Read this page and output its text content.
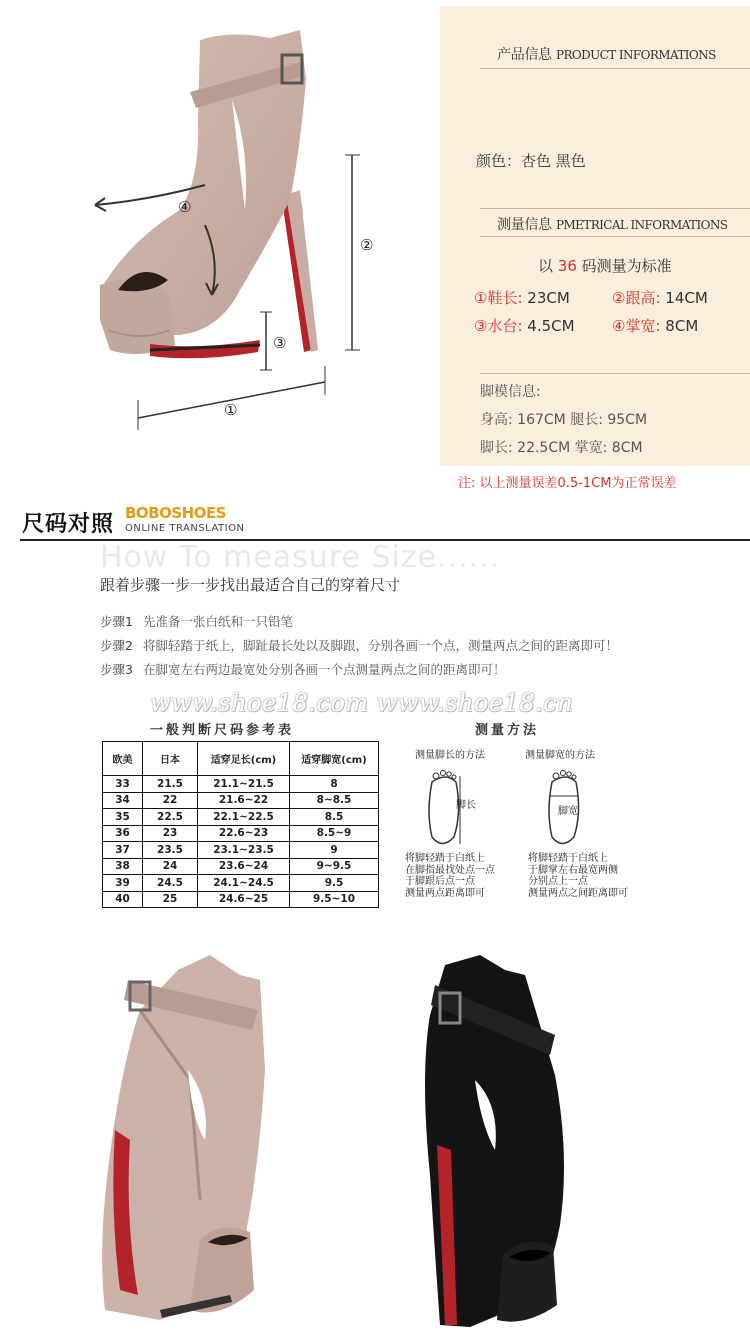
①
②
③
④
产品信息 PRODUCT INFORMATIONS
颜色：杏色 黑色
测量信息 PMETRICAL INFORMATIONS
以 36 码测量为标准
①鞋长: 23CM	②跟高: 14CM
③水台: 4.5CM ④掌宽: 8CM
脚模信息:
身高: 167CM 腿长: 95CM
脚长: 22.5CM 掌宽: 8CM
注: 以上测量误差0.5-1CM为正常误差
尺码对照 BOBOSHOES
ONLINE TRANSLATION
How To measure Size......
跟着步骤一步一步找出最适合自己的穿着尺寸
步骤1 先准备一张白纸和一只铅笔
步骤2 将脚轻踏于纸上，脚趾最长处以及脚跟，分别各画一个点，测量两点之间的距离即可！
步骤3 在脚宽左右两边最宽处分别各画一个点测量两点之间的距离即可！
www.shoe18.com www.shoe18.cn
一般判断尺码参考表	测量方法
欧美	日本	适穿足长(cm)	适穿脚宽(cm)
33	21.5	21.1~21.5	8
34	22	21.6~22	8~8.5
35	22.5	22.1~22.5	8.5
36	23	22.6~23	8.5~9
37	23.5	23.1~23.5	9
38	24	23.6~24	9~9.5
39	24.5	24.1~24.5	9.5
40	25	24.6~25	9.5~10
测量脚长的方法	测量脚宽的方法
脚长
脚宽
将脚轻踏于白纸上
在脚指最找处点一点
于脚跟后点一点
测量两点距离即可
将脚轻踏于白纸上
于脚掌左右最宽两侧
分别点上一点
测量两点之间距离即可
